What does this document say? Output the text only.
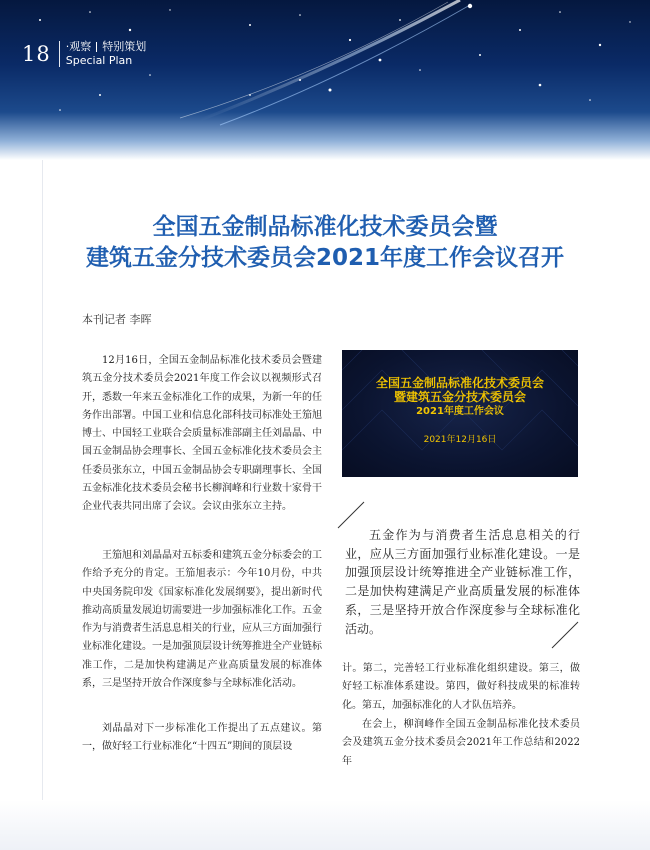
18 ·观察 特别策划
Special Plan
全国五金制品标准化技术委员会暨
建筑五金分技术委员会2021年度工作会议召开
本刊记者 李晖

12月16日，全国五金制品标准化技术委员会暨建筑五金分技术委员会2021年度工作会议以视频形式召开，悉数一年来五金标准化工作的成果，为新一年的任务作出部署。中国工业和信息化部科技司标准处王笳旭博士、中国轻工业联合会质量标准部副主任刘晶晶、中国五金制品协会理事长、全国五金标准化技术委员会主任委员张东立，中国五金制品协会专职副理事长、全国五金标准化技术委员会秘书长柳润峰和行业数十家骨干企业代表共同出席了会议。会议由张东立主持。

王笳旭和刘晶晶对五标委和建筑五金分标委会的工作给予充分的肯定。王笳旭表示：今年10月份，中共中央国务院印发《国家标准化发展纲要》，提出新时代推动高质量发展迫切需要进一步加强标准化工作。五金作为与消费者生活息息相关的行业，应从三方面加强行业标准化建设。一是加强顶层设计统筹推进全产业链标准工作，二是加快构建满足产业高质量发展的标准体系，三是坚持开放合作深度参与全球标准化活动。

刘晶晶对下一步标准化工作提出了五点建议。第一，做好轻工行业标准化“十四五”期间的顶层设

全国五金制品标准化技术委员会
暨建筑五金分技术委员会
2021年度工作会议
2021年12月16日

五金作为与消费者生活息息相关的行业，应从三方面加强行业标准化建设。一是加强顶层设计统筹推进全产业链标准工作，二是加快构建满足产业高质量发展的标准体系，三是坚持开放合作深度参与全球标准化活动。

计。第二，完善轻工行业标准化组织建设。第三，做好轻工标准体系建设。第四，做好科技成果的标准转化。第五，加强标准化的人才队伍培养。

在会上，柳润峰作全国五金制品标准化技术委员会及建筑五金分技术委员会2021年工作总结和2022年
